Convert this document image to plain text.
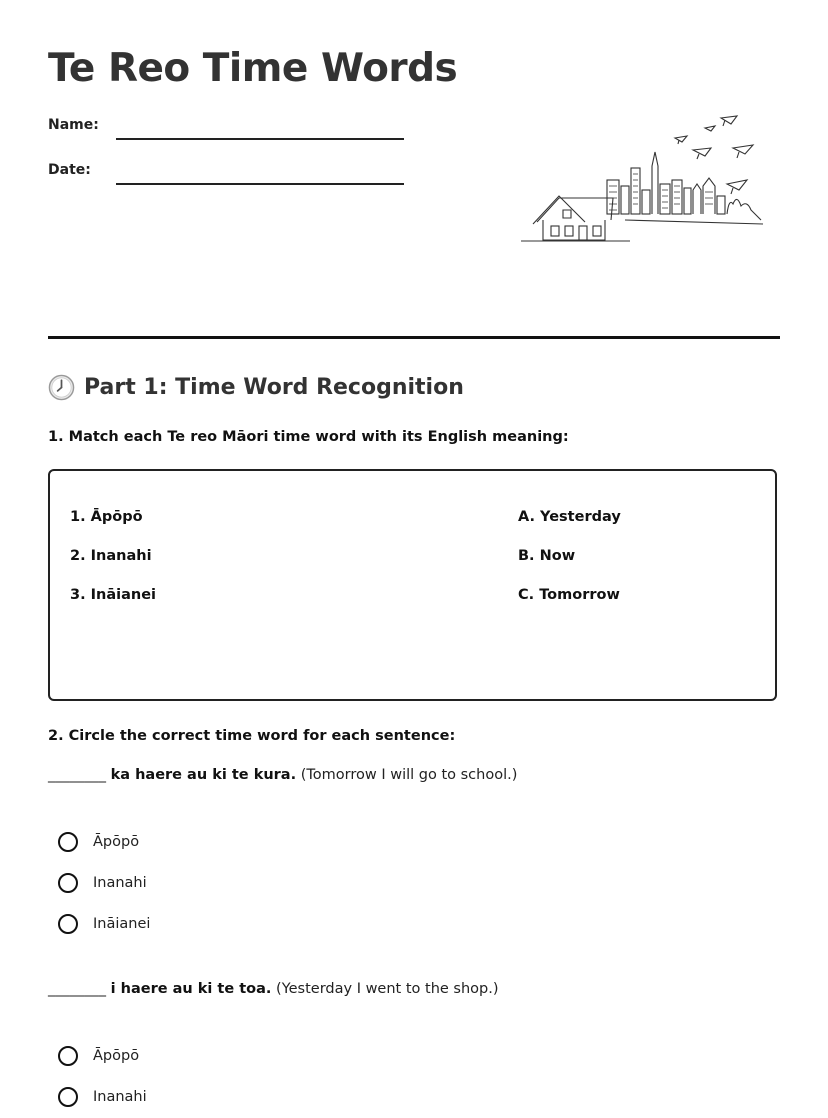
Te Reo Time Words
Name:
Date:
Part 1: Time Word Recognition
1. Match each Te reo Māori time word with its English meaning:
1. Āpōpō
2. Inanahi
3. Ināianei
A. Yesterday
B. Now
C. Tomorrow
2. Circle the correct time word for each sentence:
________ ka haere au ki te kura. (Tomorrow I will go to school.)
Āpōpō
Inanahi
Ināianei
________ i haere au ki te toa. (Yesterday I went to the shop.)
Āpōpō
Inanahi
